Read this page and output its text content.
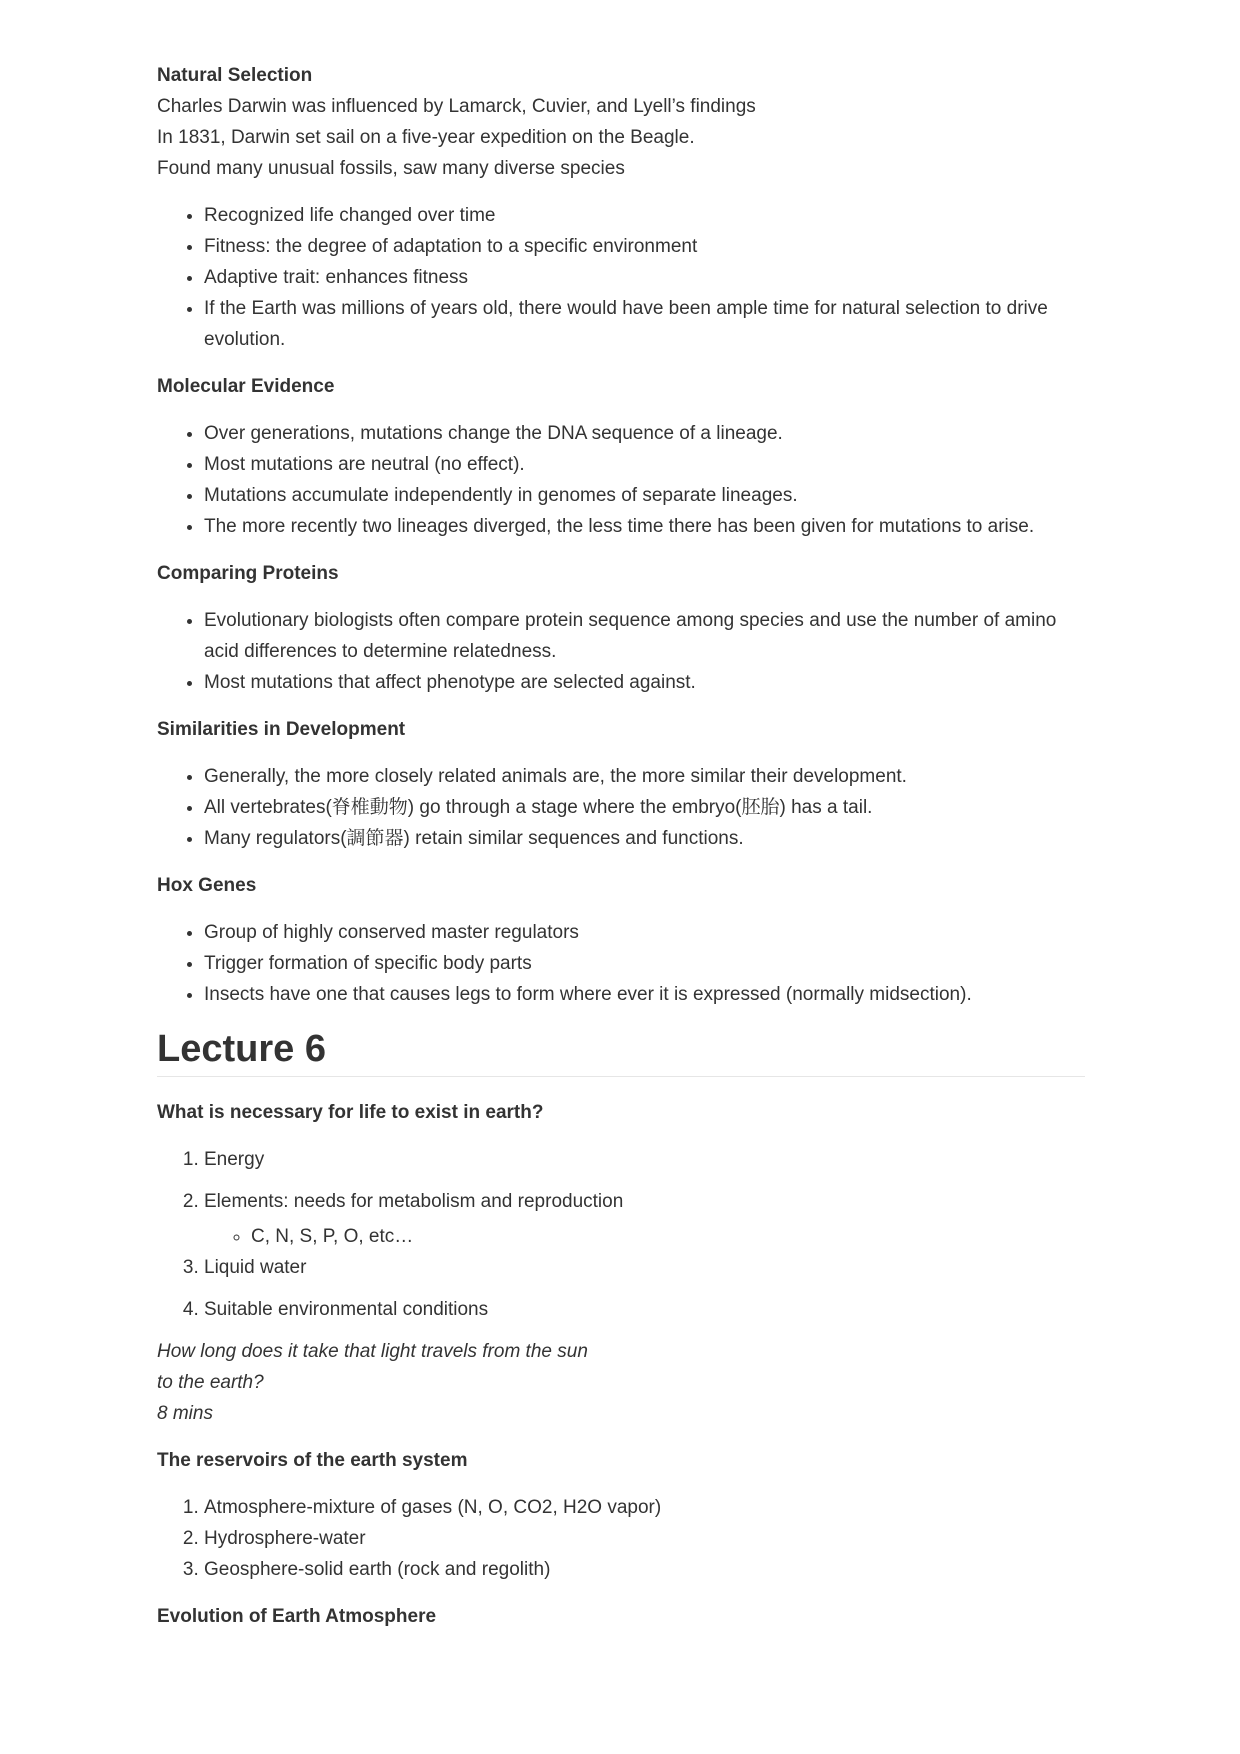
Natural Selection
Charles Darwin was influenced by Lamarck, Cuvier, and Lyell’s findings
In 1831, Darwin set sail on a five-year expedition on the Beagle.
Found many unusual fossils, saw many diverse species

• Recognized life changed over time
• Fitness: the degree of adaptation to a specific environment
• Adaptive trait: enhances fitness
• If the Earth was millions of years old, there would have been ample time for natural selection to drive evolution.

Molecular Evidence

• Over generations, mutations change the DNA sequence of a lineage.
• Most mutations are neutral (no effect).
• Mutations accumulate independently in genomes of separate lineages.
• The more recently two lineages diverged, the less time there has been given for mutations to arise.

Comparing Proteins

• Evolutionary biologists often compare protein sequence among species and use the number of amino acid differences to determine relatedness.
• Most mutations that affect phenotype are selected against.

Similarities in Development

• Generally, the more closely related animals are, the more similar their development.
• All vertebrates(脊椎動物) go through a stage where the embryo(胚胎) has a tail.
• Many regulators(調節器) retain similar sequences and functions.

Hox Genes

• Group of highly conserved master regulators
• Trigger formation of specific body parts
• Insects have one that causes legs to form where ever it is expressed (normally midsection).
Lecture 6

What is necessary for life to exist in earth?

1. Energy

2. Elements: needs for metabolism and reproduction

◦ C, N, S, P, O, etc…

3. Liquid water

4. Suitable environmental conditions

How long does it take that light travels from the sun
to the earth?
8 mins

The reservoirs of the earth system

1. Atmosphere-mixture of gases (N, O, CO2, H2O vapor)
2. Hydrosphere-water
3. Geosphere-solid earth (rock and regolith)

Evolution of Earth Atmosphere
